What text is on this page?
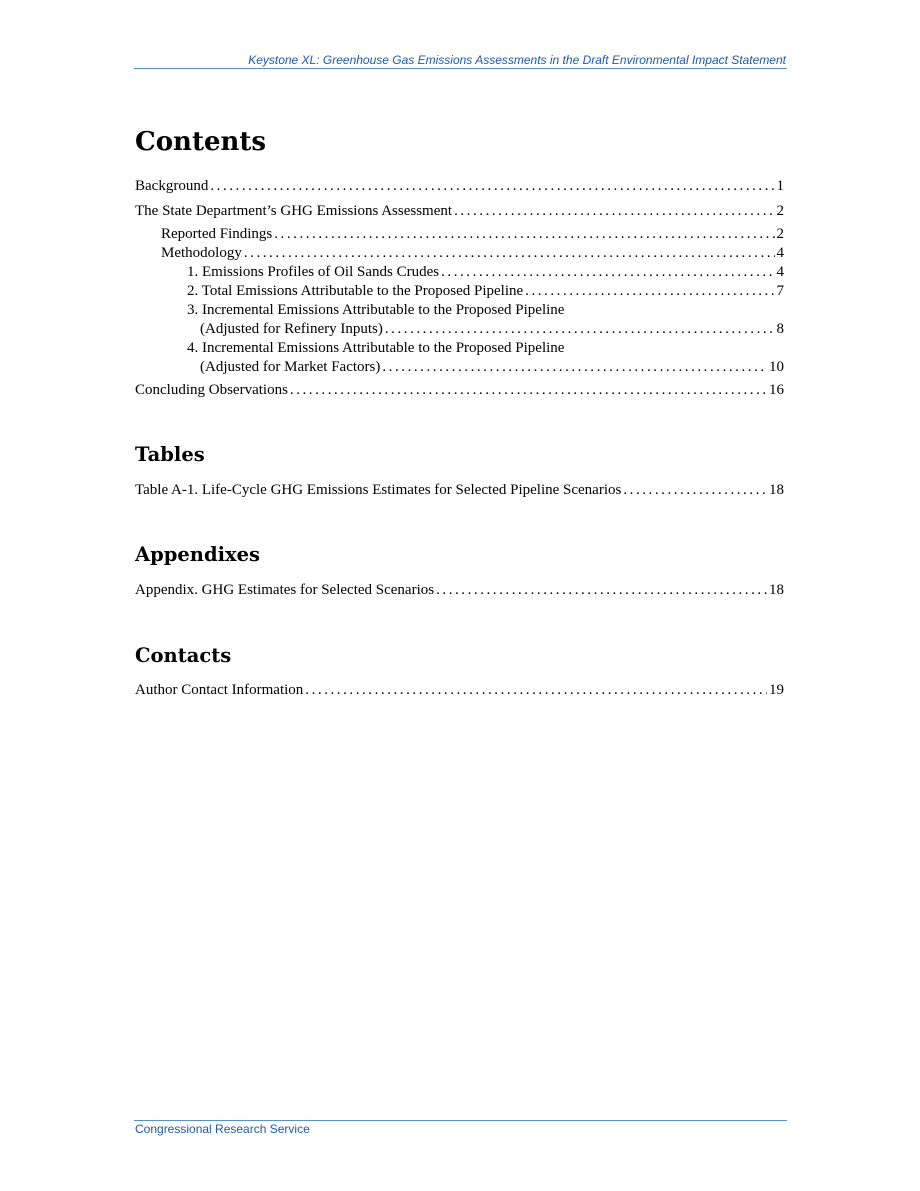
Keystone XL: Greenhouse Gas Emissions Assessments in the Draft Environmental Impact Statement
Contents
Background . . .	1
The State Department’s GHG Emissions Assessment . . .	2
Reported Findings . . .	2
Methodology . . .	4
1. Emissions Profiles of Oil Sands Crudes . . .	4
2. Total Emissions Attributable to the Proposed Pipeline . . .	7
3. Incremental Emissions Attributable to the Proposed Pipeline
(Adjusted for Refinery Inputs) . . .	8
4. Incremental Emissions Attributable to the Proposed Pipeline
(Adjusted for Market Factors) . . .	10
Concluding Observations . . .	16
Tables
Table A-1. Life-Cycle GHG Emissions Estimates for Selected Pipeline Scenarios . . .	18
Appendixes
Appendix. GHG Estimates for Selected Scenarios . . .	18
Contacts
Author Contact Information . . .	19
Congressional Research Service
